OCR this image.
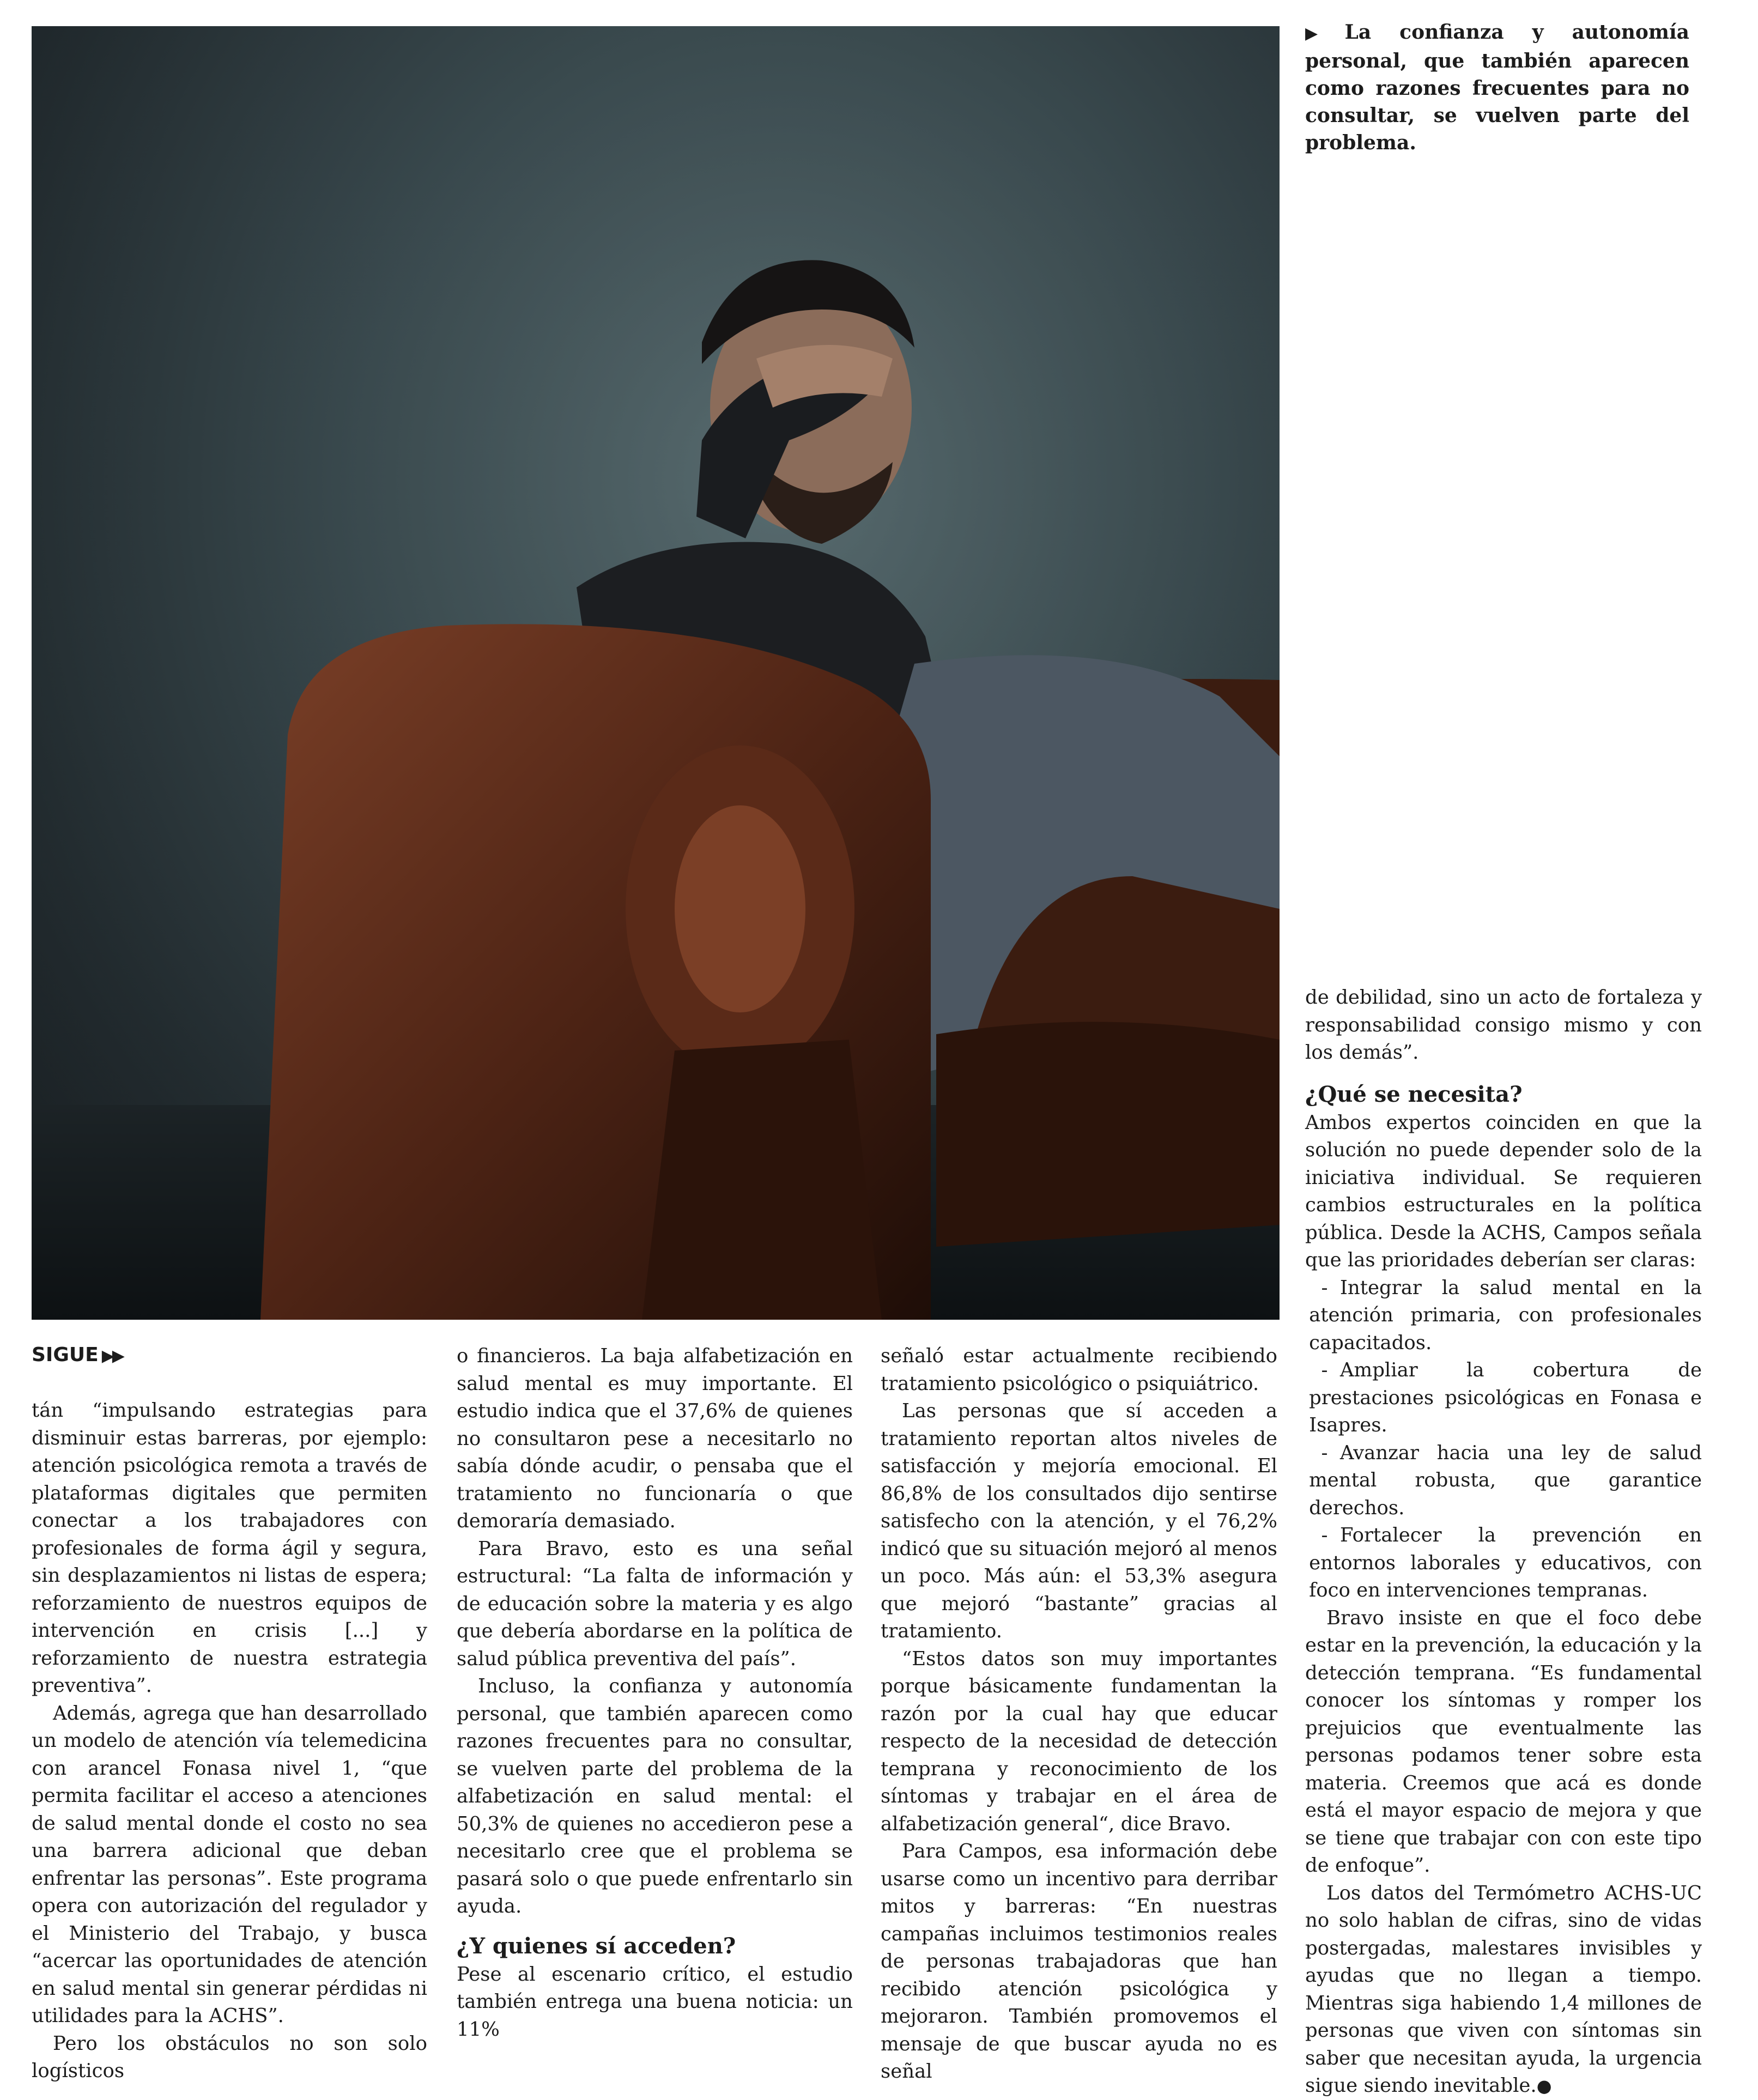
▶ La confianza y autonomía personal, que también aparecen como razones frecuentes para no consultar, se vuelven parte del problema.
SIGUE ▶▶

tán “impulsando estrategias para disminuir estas barreras, por ejemplo: atención psicológica remota a través de plataformas digitales que permiten conectar a los trabajadores con profesionales de forma ágil y segura, sin desplazamientos ni listas de espera; reforzamiento de nuestros equipos de intervención en crisis [...] y reforzamiento de nuestra estrategia preventiva”.

Además, agrega que han desarrollado un modelo de atención vía telemedicina con arancel Fonasa nivel 1, “que permita facilitar el acceso a atenciones de salud mental donde el costo no sea una barrera adicional que deban enfrentar las personas”. Este programa opera con autorización del regulador y el Ministerio del Trabajo, y busca “acercar las oportunidades de atención en salud mental sin generar pérdidas ni utilidades para la ACHS”.

Pero los obstáculos no son solo logísticos

o financieros. La baja alfabetización en salud mental es muy importante. El estudio indica que el 37,6% de quienes no consultaron pese a necesitarlo no sabía dónde acudir, o pensaba que el tratamiento no funcionaría o que demoraría demasiado.

Para Bravo, esto es una señal estructural: “La falta de información y de educación sobre la materia y es algo que debería abordarse en la política de salud pública preventiva del país”.

Incluso, la confianza y autonomía personal, que también aparecen como razones frecuentes para no consultar, se vuelven parte del problema de la alfabetización en salud mental: el 50,3% de quienes no accedieron pese a necesitarlo cree que el problema se pasará solo o que puede enfrentarlo sin ayuda.

¿Y quienes sí acceden?

Pese al escenario crítico, el estudio también entrega una buena noticia: un 11%

señaló estar actualmente recibiendo tratamiento psicológico o psiquiátrico.

Las personas que sí acceden a tratamiento reportan altos niveles de satisfacción y mejoría emocional. El 86,8% de los consultados dijo sentirse satisfecho con la atención, y el 76,2% indicó que su situación mejoró al menos un poco. Más aún: el 53,3% asegura que mejoró “bastante” gracias al tratamiento.

“Estos datos son muy importantes porque básicamente fundamentan la razón por la cual hay que educar respecto de la necesidad de detección temprana y reconocimiento de los síntomas y trabajar en el área de alfabetización general“, dice Bravo.

Para Campos, esa información debe usarse como un incentivo para derribar mitos y barreras: “En nuestras campañas incluimos testimonios reales de personas trabajadoras que han recibido atención psicológica y mejoraron. También promovemos el mensaje de que buscar ayuda no es señal

de debilidad, sino un acto de fortaleza y responsabilidad consigo mismo y con los demás”.

¿Qué se necesita?

Ambos expertos coinciden en que la solución no puede depender solo de la iniciativa individual. Se requieren cambios estructurales en la política pública. Desde la ACHS, Campos señala que las prioridades deberían ser claras:

- Integrar la salud mental en la atención primaria, con profesionales capacitados.

- Ampliar la cobertura de prestaciones psicológicas en Fonasa e Isapres.

- Avanzar hacia una ley de salud mental robusta, que garantice derechos.

- Fortalecer la prevención en entornos laborales y educativos, con foco en intervenciones tempranas.

Bravo insiste en que el foco debe estar en la prevención, la educación y la detección temprana. “Es fundamental conocer los síntomas y romper los prejuicios que eventualmente las personas podamos tener sobre esta materia. Creemos que acá es donde está el mayor espacio de mejora y que se tiene que trabajar con con este tipo de enfoque”.

Los datos del Termómetro ACHS-UC no solo hablan de cifras, sino de vidas postergadas, malestares invisibles y ayudas que no llegan a tiempo. Mientras siga habiendo 1,4 millones de personas que viven con síntomas sin saber que necesitan ayuda, la urgencia sigue siendo inevitable.●
